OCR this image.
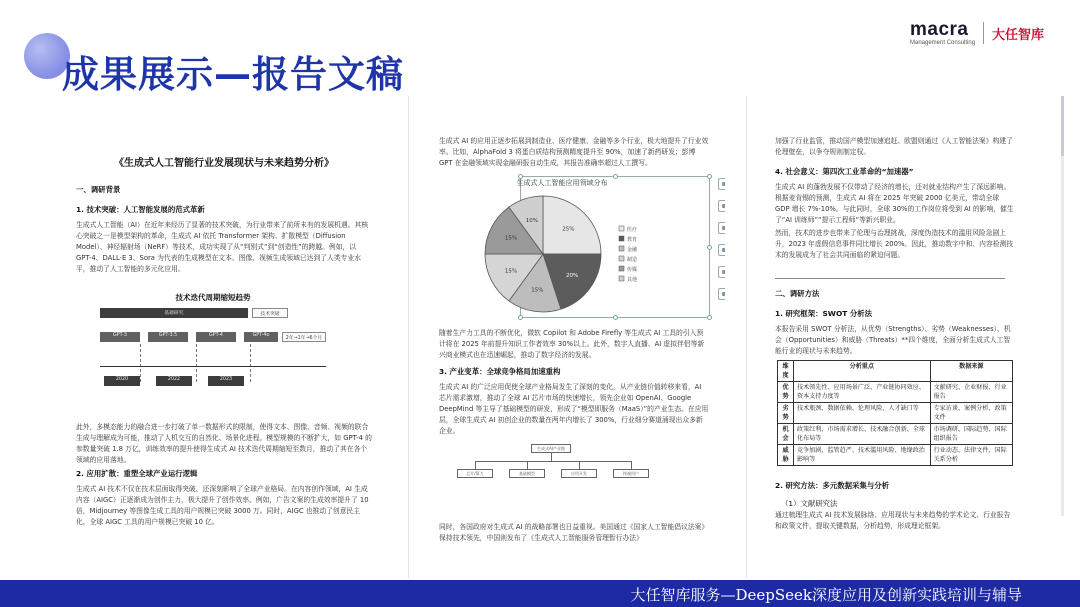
成果展示—报告文稿
macra
Management Consulting
大任智库
《生成式人工智能行业发展现状与未来趋势分析》
一、调研背景
1. 技术突破：人工智能发展的范式革新
生成式人工智能（AI）在近年来经历了显著的技术突破，为行业带来了前所未有的发展机遇。其核心突破之一是模型架构的革命，生成式 AI 依托 Transformer 架构、扩散模型（Diffusion Model）、神经辐射场（NeRF）等技术，成功实现了从“判别式”到“创造性”的跨越。例如，以 GPT-4、DALL·E 3、Sora 为代表的生成模型在文本、图像、视频生成领域已达到了人类专业水平，推动了人工智能的多元化应用。
技术迭代周期缩短趋势
基础研究	技术突破
GPT-3	GPT-3.5	GPT-4	GPT-4o
2年→1年→6个月
2020	2022	2023
此外，多模态能力的融合进一步打破了单一数据形式的限制，使得文本、图像、音频、视频的联合生成与理解成为可能，推动了人机交互的自然化、场景化进程。模型规模的不断扩大，如 GPT-4 的参数量突破 1.8 万亿，训练效率的提升使得生成式 AI 技术迭代周期缩短至数月，推动了其在各个领域的应用落地。
2. 应用扩散：重塑全球产业运行逻辑
生成式 AI 技术不仅在技术层面取得突破，还深刻影响了全球产业格局。在内容创作领域，AI 生成内容（AIGC）正逐渐成为创作主力，极大提升了创作效率。例如，广告文案的生成效率提升了 10 倍，Midjourney 等图像生成工具的用户规模已突破 3000 万。同时，AIGC 也推动了创意民主化，全球 AIGC 工具的用户规模已突破 10 亿。
生成式 AI 的应用正逐步拓展到制造业、医疗健康、金融等多个行业，极大地提升了行业效率。比如，AlphaFold 3 将蛋白质结构预测精度提升至 90%，加速了新药研发；彭博 GPT 在金融领域实现金融研报自动生成，其报告准确率超过人工撰写。
生成式人工智能应用领域分布
25%
20%
15%
15%
15%
10%
医疗
教育
金融
制造
传媒
其他
随着生产力工具的不断优化，微软 Copilot 和 Adobe Firefly 等生成式 AI 工具的引入预计将在 2025 年前提升知识工作者效率 30%以上。此外，数字人直播、AI 虚拟伴侣等新兴商业模式也在迅速崛起，推动了数字经济的发展。
3. 产业变革：全球竞争格局加速重构
生成式 AI 的广泛应用促使全球产业格局发生了深刻的变化。从产业链价值转移来看，AI 芯片需求激增，推动了全球 AI 芯片市场的快速增长，领先企业如 OpenAI、Google DeepMind 等主导了基础模型的研发，形成了“模型即服务（MaaS）”的产业生态。在应用层，全球生成式 AI 初创企业的数量在两年内增长了 300%，行业细分赛道涌现出众多新企业。
生成式AI产业链
芯片/算力	基础模型	应用开发	终端用户
同时，各国政府对生成式 AI 的战略部署也日益重视。美国通过《国家人工智能倡议法案》保持技术领先，中国则发布了《生成式人工智能服务管理暂行办法》
加强了行业监管，推动国产模型加速追赶。欧盟则通过《人工智能法案》构建了伦理壁垒，以争夺规则制定权。
4. 社会意义：第四次工业革命的“加速器”
生成式 AI 的蓬勃发展不仅带动了经济的增长，还对就业结构产生了深远影响。根据麦肯锡的预测，生成式 AI 将在 2025 年突破 2000 亿美元，带动全球 GDP 增长 7%-10%。与此同时，全球 30%的工作岗位将受到 AI 的影响，催生了“AI 训练师”“提示工程师”等新兴职业。
然而，技术的进步也带来了伦理与治理挑战，深度伪造技术的滥用风险急剧上升，2023 年虚假信息事件同比增长 200%。因此，推动数字中和、内容检测技术的发展成为了社会共同面临的紧迫问题。
二、调研方法
1. 研究框架：SWOT 分析法
本报告采用 SWOT 分析法，从优势（Strengths）、劣势（Weaknesses）、机会（Opportunities）和威胁（Threats）**四个维度，全面分析生成式人工智能行业的现状与未来趋势。
维度	分析重点	数据来源
优势	技术领先性、应用场景广泛、产业链协同效应、资本支持力度等	文献研究、企业财报、行业报告
劣势	技术瓶颈、数据依赖、伦理风险、人才缺口等	专家访谈、案例分析、政策文件
机会	政策红利、市场需求增长、技术融合创新、全球化布局等	市场调研、国际趋势、国际组织报告
威胁	竞争加剧、监管趋严、技术滥用风险、地缘政治影响等	行业动态、法律文件、国际关系分析
2. 研究方法：多元数据采集与分析
（1）文献研究法
通过梳理生成式 AI 技术发展脉络、应用现状与未来趋势的学术论文、行业报告和政策文件，提取关键数据，分析趋势，形成理论框架。
大任智库服务—DeepSeek深度应用及创新实践培训与辅导
